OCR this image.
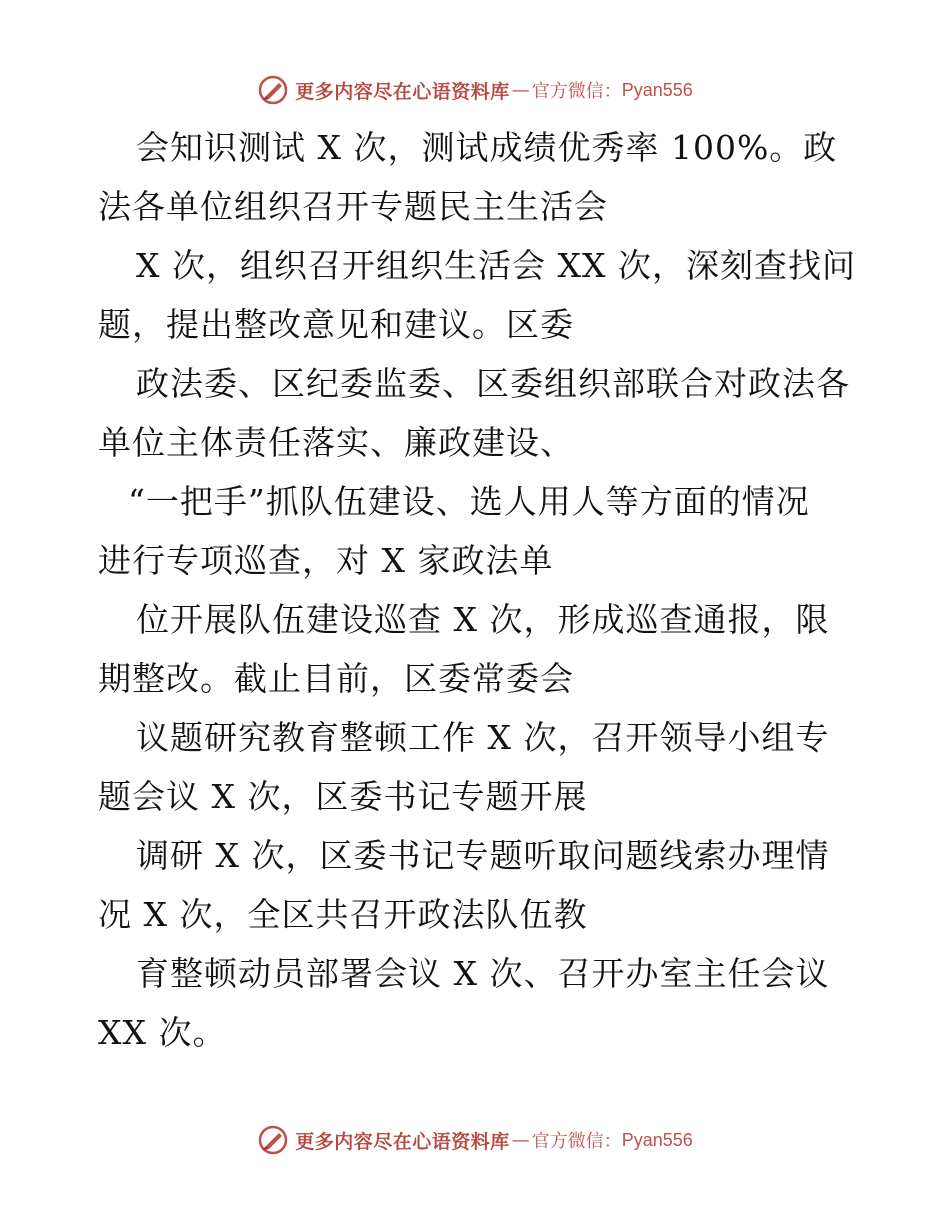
更多内容尽在心语资料库 — 官方微信： Pyan556
会知识测试 X 次，测试成绩优秀率 100%。政
法各单位组织召开专题民主生活会
X 次，组织召开组织生活会 XX 次，深刻查找问
题，提出整改意见和建议。区委
政法委、区纪委监委、区委组织部联合对政法各
单位主体责任落实、廉政建设、
“一把手”抓队伍建设、选人用人等方面的情况
进行专项巡查，对 X 家政法单
位开展队伍建设巡查 X 次，形成巡查通报，限
期整改。截止目前，区委常委会
议题研究教育整顿工作 X 次，召开领导小组专
题会议 X 次，区委书记专题开展
调研 X 次，区委书记专题听取问题线索办理情
况 X 次，全区共召开政法队伍教
育整顿动员部署会议 X 次、召开办室主任会议
XX 次。
更多内容尽在心语资料库 — 官方微信： Pyan556
